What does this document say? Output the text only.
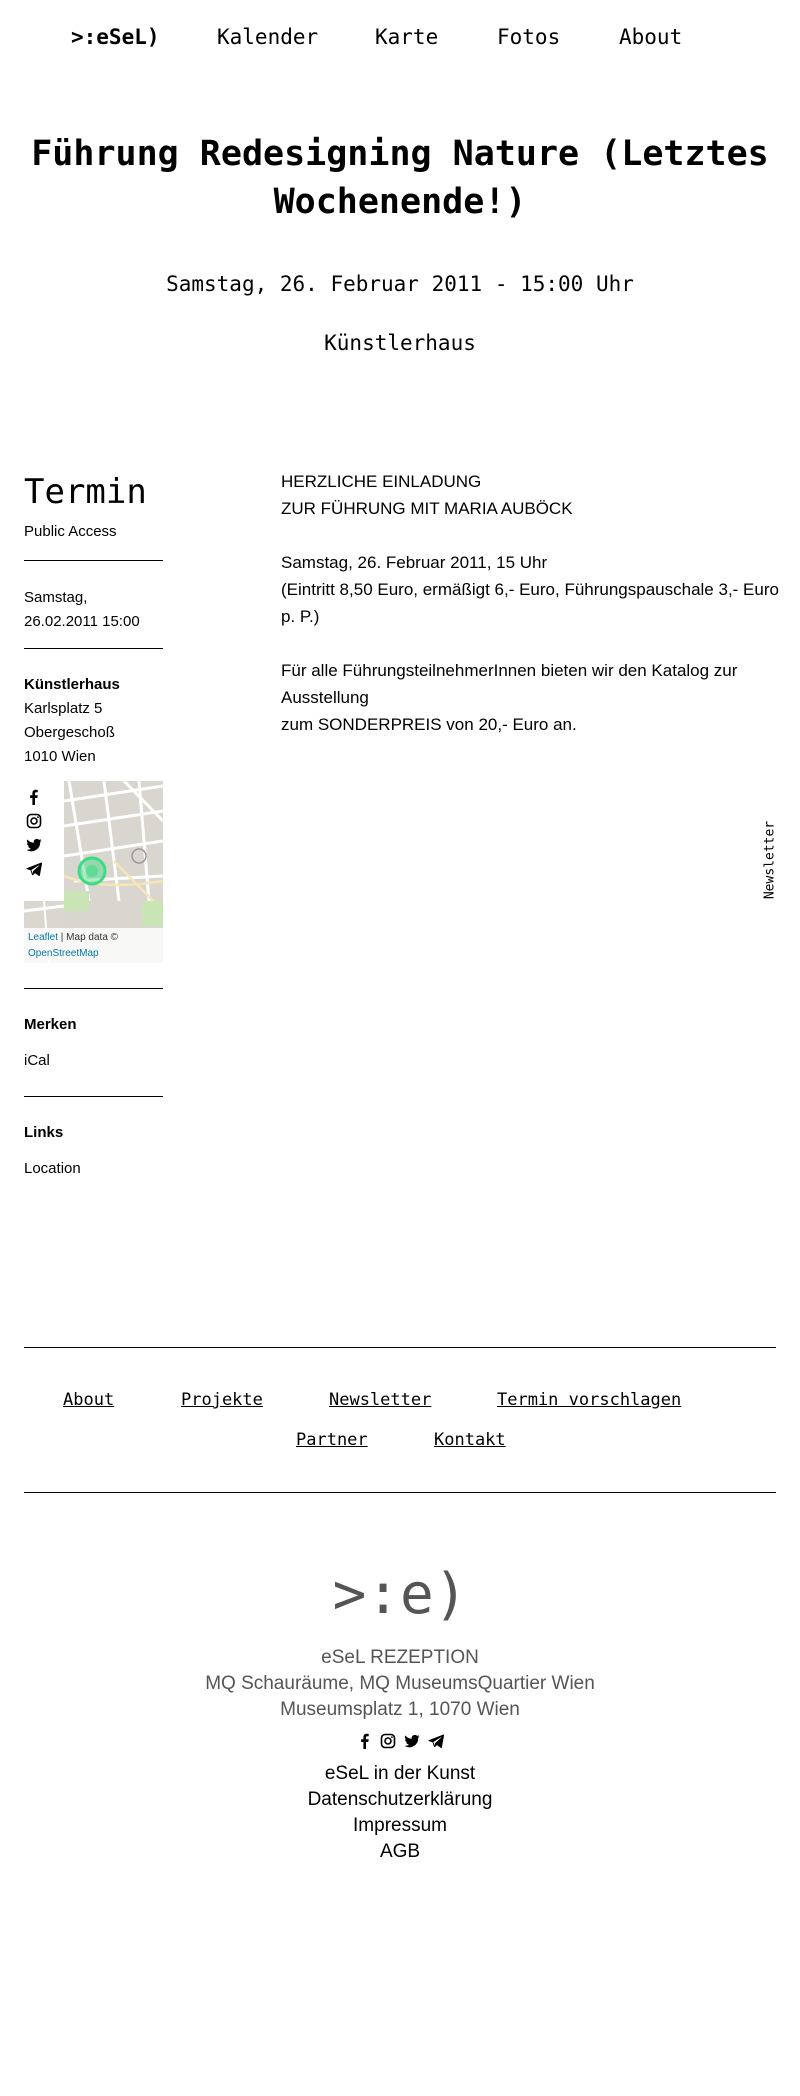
>:eSeL)	Kalender	Karte	Fotos	About
Führung Redesigning Nature (Letztes Wochenende!)
Samstag, 26. Februar 2011 - 15:00 Uhr
Künstlerhaus
Termin
Public Access
Samstag,
26.02.2011 15:00
Künstlerhaus
Karlsplatz 5
Obergeschoß
1010 Wien
Leaflet | Map data ©
OpenStreetMap
Merken
iCal
Links
Location

HERZLICHE EINLADUNG
ZUR FÜHRUNG MIT MARIA AUBÖCK

Samstag, 26. Februar 2011, 15 Uhr
(Eintritt 8,50 Euro, ermäßigt 6,- Euro, Führungspauschale 3,- Euro p. P.)

Für alle FührungsteilnehmerInnen bieten wir den Katalog zur Ausstellung
zum SONDERPREIS von 20,- Euro an.

Newsletter
About	Projekte	Newsletter	Termin vorschlagen
Partner	Kontakt
>:e)
eSeL REZEPTION
MQ Schauräume, MQ MuseumsQuartier Wien
Museumsplatz 1, 1070 Wien
eSeL in der Kunst
Datenschutzerklärung
Impressum
AGB
